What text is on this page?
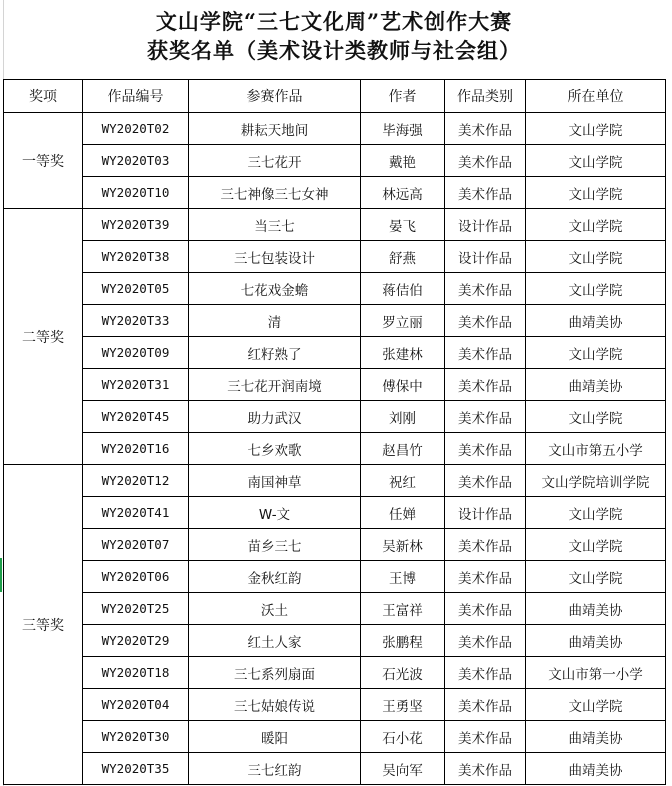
文山学院“三七文化周”艺术创作大赛
获奖名单（美术设计类教师与社会组）
奖项	作品编号	参赛作品	作者	作品类别	所在单位
一等奖	WY2020T02	耕耘天地间	毕海强	美术作品	文山学院
	WY2020T03	三七花开	戴艳	美术作品	文山学院
	WY2020T10	三七神像三七女神	林远高	美术作品	文山学院
二等奖	WY2020T39	当三七	晏飞	设计作品	文山学院
	WY2020T38	三七包装设计	舒燕	设计作品	文山学院
	WY2020T05	七花戏金蟾	蒋佶伯	美术作品	文山学院
	WY2020T33	清	罗立丽	美术作品	曲靖美协
	WY2020T09	红籽熟了	张建林	美术作品	文山学院
	WY2020T31	三七花开润南境	傅保中	美术作品	曲靖美协
	WY2020T45	助力武汉	刘刚	美术作品	文山学院
	WY2020T16	七乡欢歌	赵昌竹	美术作品	文山市第五小学
三等奖	WY2020T12	南国神草	祝红	美术作品	文山学院培训学院
	WY2020T41	W-文	任婵	设计作品	文山学院
	WY2020T07	苗乡三七	吴新林	美术作品	文山学院
	WY2020T06	金秋红韵	王博	美术作品	文山学院
	WY2020T25	沃土	王富祥	美术作品	曲靖美协
	WY2020T29	红土人家	张鹏程	美术作品	曲靖美协
	WY2020T18	三七系列扇面	石光波	美术作品	文山市第一小学
	WY2020T04	三七姑娘传说	王勇坚	美术作品	文山学院
	WY2020T30	暖阳	石小花	美术作品	曲靖美协
	WY2020T35	三七红韵	吴向军	美术作品	曲靖美协
